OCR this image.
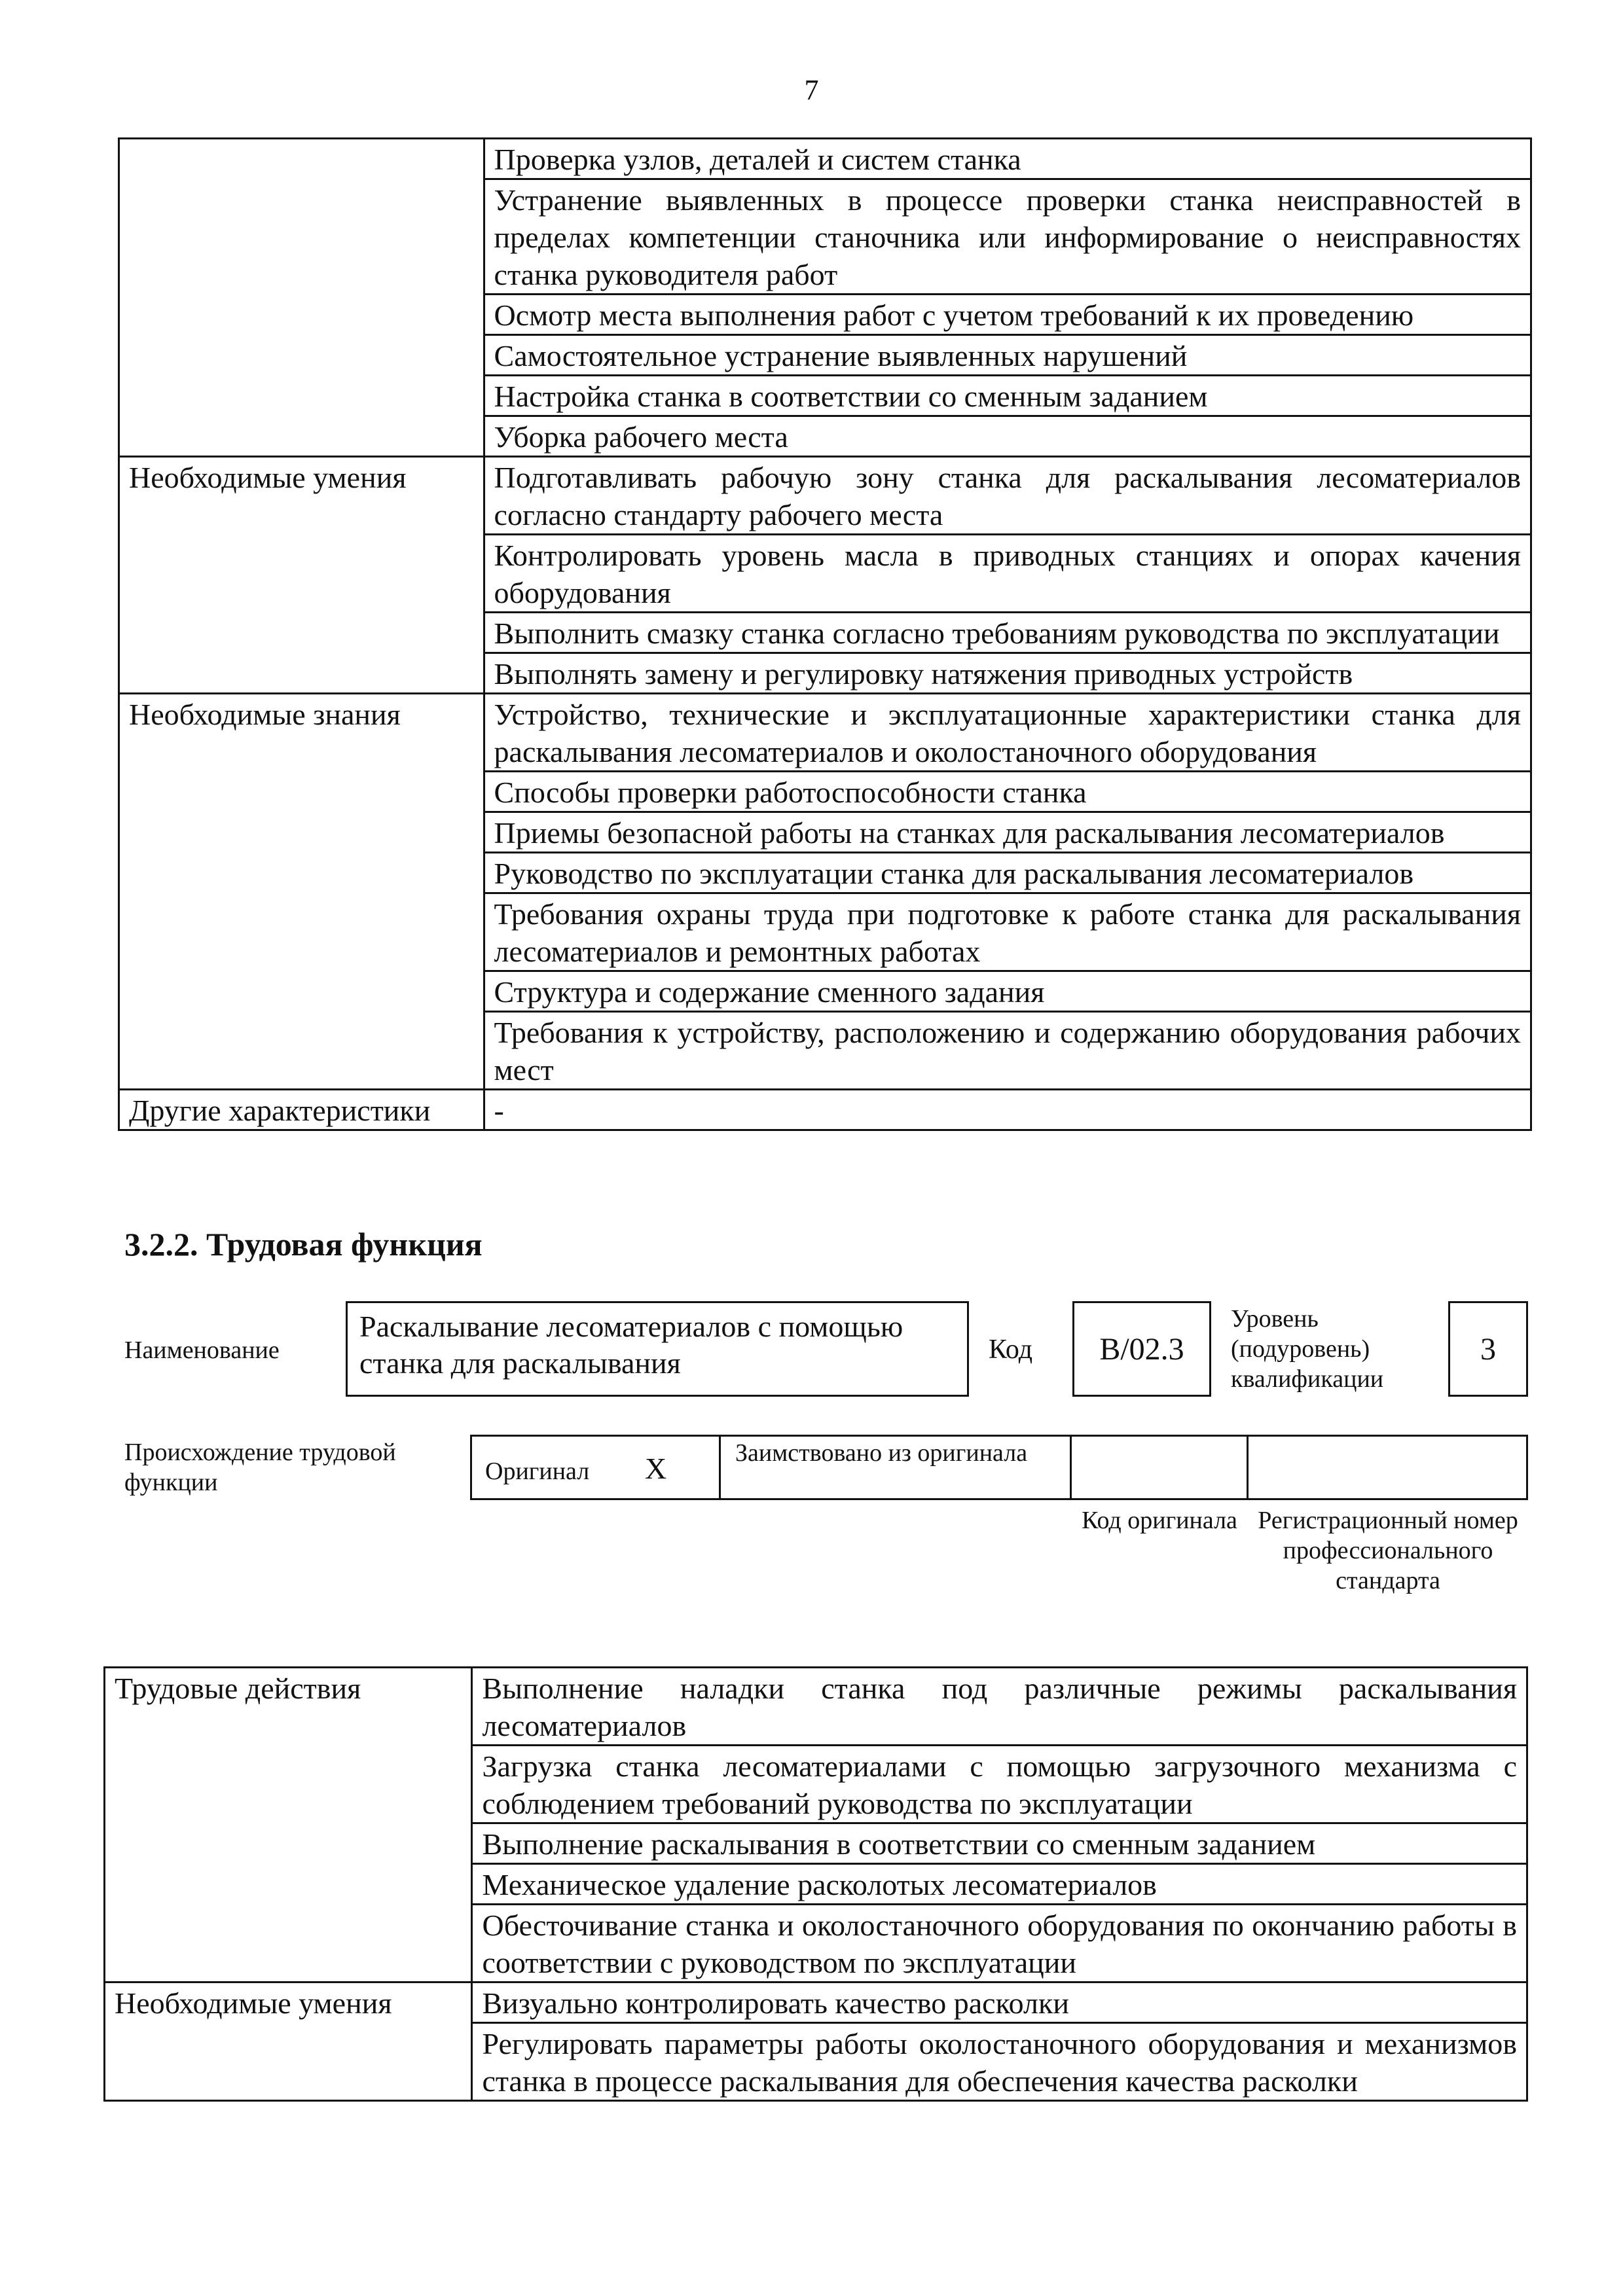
7
	Проверка узлов, деталей и систем станка
	Устранение выявленных в процессе проверки станка неисправностей в пределах компетенции станочника или информирование о неисправностях станка руководителя работ
	Осмотр места выполнения работ с учетом требований к их проведению
	Самостоятельное устранение выявленных нарушений
	Настройка станка в соответствии со сменным заданием
	Уборка рабочего места
Необходимые умения	Подготавливать рабочую зону станка для раскалывания лесоматериалов согласно стандарту рабочего места
	Контролировать уровень масла в приводных станциях и опорах качения оборудования
	Выполнить смазку станка согласно требованиям руководства по эксплуатации
	Выполнять замену и регулировку натяжения приводных устройств
Необходимые знания	Устройство, технические и эксплуатационные характеристики станка для раскалывания лесоматериалов и околостаночного оборудования
	Способы проверки работоспособности станка
	Приемы безопасной работы на станках для раскалывания лесоматериалов
	Руководство по эксплуатации станка для раскалывания лесоматериалов
	Требования охраны труда при подготовке к работе станка для раскалывания лесоматериалов и ремонтных работах
	Структура и содержание сменного задания
	Требования к устройству, расположению и содержанию оборудования рабочих мест
Другие характеристики	-
3.2.2. Трудовая функция
Наименование
Раскалывание лесоматериалов с помощью станка для раскалывания	Код В/02.3
Уровень (подуровень) квалификации
3
Происхождение трудовой функции	Оригинал X	Заимствовано из оригинала
Код оригинала Регистрационный номер профессионального стандарта
Трудовые действия	Выполнение наладки станка под различные режимы раскалывания лесоматериалов
	Загрузка станка лесоматериалами с помощью загрузочного механизма с соблюдением требований руководства по эксплуатации
	Выполнение раскалывания в соответствии со сменным заданием
	Механическое удаление расколотых лесоматериалов
	Обесточивание станка и околостаночного оборудования по окончанию работы в соответствии с руководством по эксплуатации
Необходимые умения	Визуально контролировать качество расколки
	Регулировать параметры работы околостаночного оборудования и механизмов станка в процессе раскалывания для обеспечения качества расколки
